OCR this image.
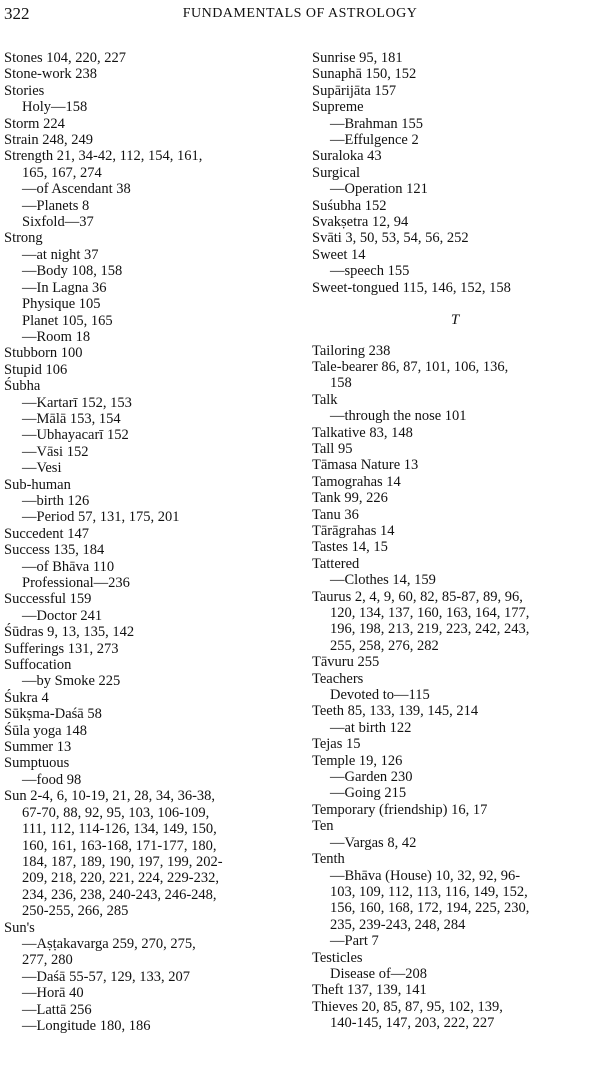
322	FUNDAMENTALS OF ASTROLOGY
Stones 104, 220, 227
Stone-work 238
Stories
Holy—158
Storm 224
Strain 248, 249
Strength 21, 34-42, 112, 154, 161,
165, 167, 274
—of Ascendant 38
—Planets 8
Sixfold—37
Strong
—at night 37
—Body 108, 158
—In Lagna 36
Physique 105
Planet 105, 165
—Room 18
Stubborn 100
Stupid 106
Śubha
—Kartarī 152, 153
—Mālā 153, 154
—Ubhayacarī 152
—Vāsi 152
—Vesi
Sub-human
—birth 126
—Period 57, 131, 175, 201
Succedent 147
Success 135, 184
—of Bhāva 110
Professional—236
Successful 159
—Doctor 241
Śūdras 9, 13, 135, 142
Sufferings 131, 273
Suffocation
—by Smoke 225
Śukra 4
Sūkṣma-Daśā 58
Śūla yoga 148
Summer 13
Sumptuous
—food 98
Sun 2-4, 6, 10-19, 21, 28, 34, 36-38,
67-70, 88, 92, 95, 103, 106-109,
111, 112, 114-126, 134, 149, 150,
160, 161, 163-168, 171-177, 180,
184, 187, 189, 190, 197, 199, 202-
209, 218, 220, 221, 224, 229-232,
234, 236, 238, 240-243, 246-248,
250-255, 266, 285
Sun's
—Aṣṭakavarga 259, 270, 275,
277, 280
—Daśā 55-57, 129, 133, 207
—Horā 40
—Lattā 256
—Longitude 180, 186
Sunrise 95, 181
Sunaphā 150, 152
Supārijāta 157
Supreme
—Brahman 155
—Effulgence 2
Suraloka 43
Surgical
—Operation 121
Suśubha 152
Svakṣetra 12, 94
Svāti 3, 50, 53, 54, 56, 252
Sweet 14
—speech 155
Sweet-tongued 115, 146, 152, 158
T
Tailoring 238
Tale-bearer 86, 87, 101, 106, 136,
158
Talk
—through the nose 101
Talkative 83, 148
Tall 95
Tāmasa Nature 13
Tamograhas 14
Tank 99, 226
Tanu 36
Tārāgrahas 14
Tastes 14, 15
Tattered
—Clothes 14, 159
Taurus 2, 4, 9, 60, 82, 85-87, 89, 96,
120, 134, 137, 160, 163, 164, 177,
196, 198, 213, 219, 223, 242, 243,
255, 258, 276, 282
Tāvuru 255
Teachers
Devoted to—115
Teeth 85, 133, 139, 145, 214
—at birth 122
Tejas 15
Temple 19, 126
—Garden 230
—Going 215
Temporary (friendship) 16, 17
Ten
—Vargas 8, 42
Tenth
—Bhāva (House) 10, 32, 92, 96-
103, 109, 112, 113, 116, 149, 152,
156, 160, 168, 172, 194, 225, 230,
235, 239-243, 248, 284
—Part 7
Testicles
Disease of—208
Theft 137, 139, 141
Thieves 20, 85, 87, 95, 102, 139,
140-145, 147, 203, 222, 227
